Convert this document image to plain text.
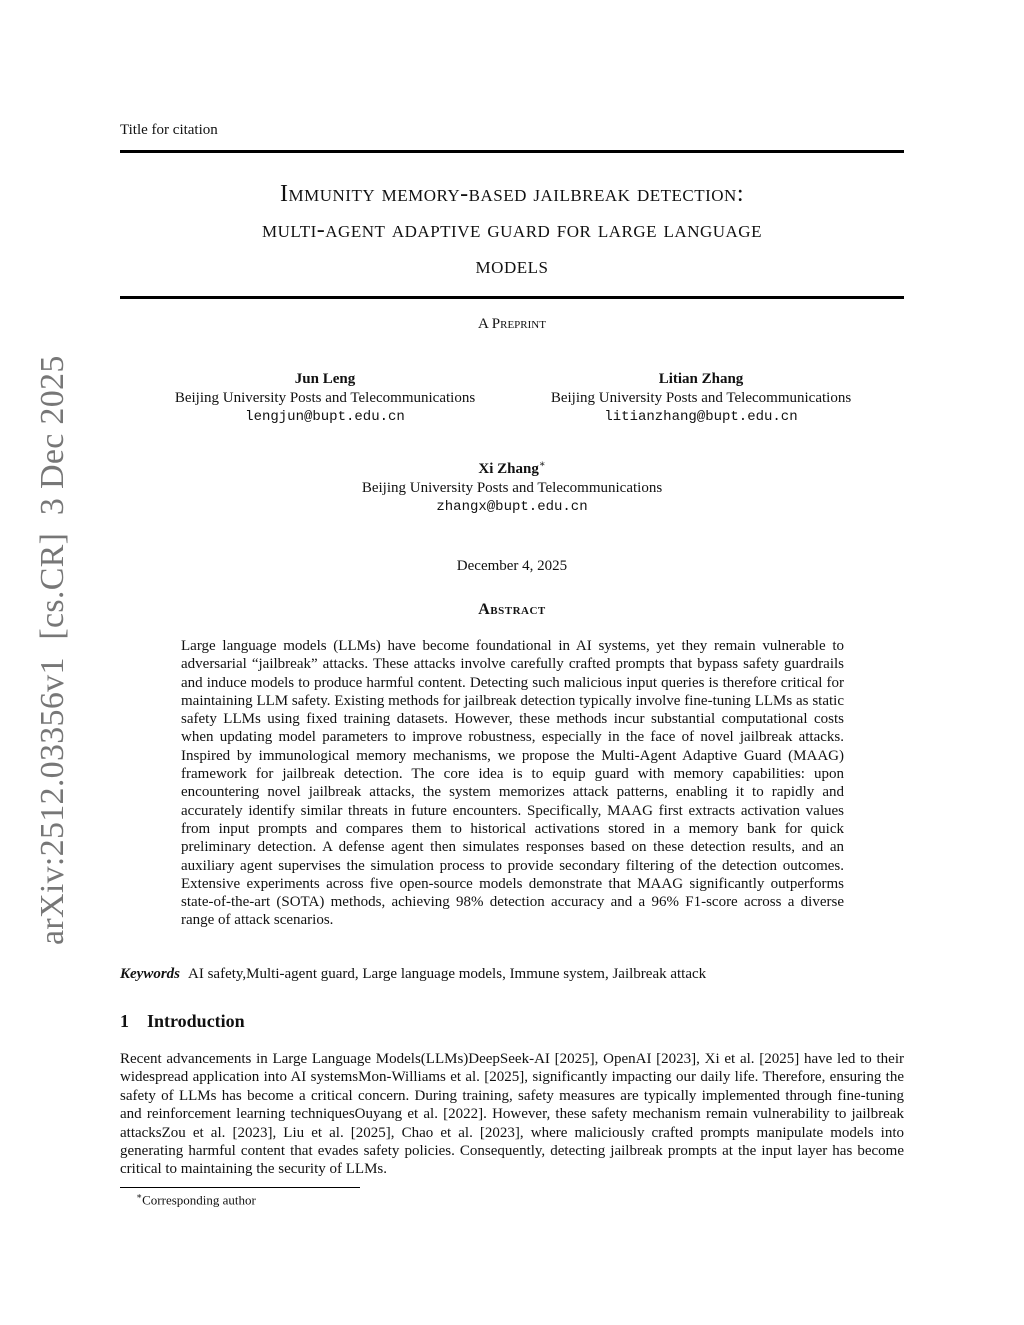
Title for citation
Immunity memory-based jailbreak detection:
multi-agent adaptive guard for large language
models
A Preprint
Jun Leng
Beijing University Posts and Telecommunications
lengjun@bupt.edu.cn
Litian Zhang
Beijing University Posts and Telecommunications
litianzhang@bupt.edu.cn
Xi Zhang∗
Beijing University Posts and Telecommunications
zhangx@bupt.edu.cn
December 4, 2025
Abstract
Large language models (LLMs) have become foundational in AI systems, yet they remain vulnerable to adversarial “jailbreak” attacks. These attacks involve carefully crafted prompts that bypass safety guardrails and induce models to produce harmful content. Detecting such malicious input queries is therefore critical for maintaining LLM safety. Existing methods for jailbreak detection typically involve fine-tuning LLMs as static safety LLMs using fixed training datasets. However, these methods incur substantial computational costs when updating model parameters to improve robustness, especially in the face of novel jailbreak attacks. Inspired by immunological memory mechanisms, we propose the Multi-Agent Adaptive Guard (MAAG) framework for jailbreak detection. The core idea is to equip guard with memory capabilities: upon encountering novel jailbreak attacks, the system memorizes attack patterns, enabling it to rapidly and accurately identify similar threats in future encounters. Specifically, MAAG first extracts activation values from input prompts and compares them to historical activations stored in a memory bank for quick preliminary detection. A defense agent then simulates responses based on these detection results, and an auxiliary agent supervises the simulation process to provide secondary filtering of the detection outcomes. Extensive experiments across five open-source models demonstrate that MAAG significantly outperforms state-of-the-art (SOTA) methods, achieving 98% detection accuracy and a 96% F1-score across a diverse range of attack scenarios.
Keywords AI safety,Multi-agent guard, Large language models, Immune system, Jailbreak attack
1 Introduction
Recent advancements in Large Language Models(LLMs)DeepSeek-AI [2025], OpenAI [2023], Xi et al. [2025] have led to their widespread application into AI systemsMon-Williams et al. [2025], significantly impacting our daily life. Therefore, ensuring the safety of LLMs has become a critical concern. During training, safety measures are typically implemented through fine-tuning and reinforcement learning techniquesOuyang et al. [2022]. However, these safety mechanism remain vulnerability to jailbreak attacksZou et al. [2023], Liu et al. [2025], Chao et al. [2023], where maliciously crafted prompts manipulate models into generating harmful content that evades safety policies. Consequently, detecting jailbreak prompts at the input layer has become critical to maintaining the security of LLMs.
∗Corresponding author
arXiv:2512.03356v1  [cs.CR]  3 Dec 2025
